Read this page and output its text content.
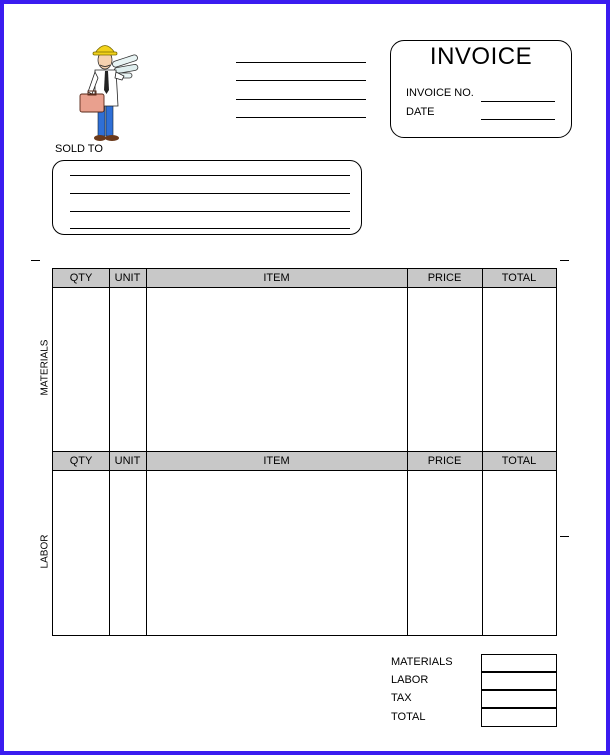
INVOICE
INVOICE NO.
DATE
SOLD TO
QTY	UNIT	ITEM	PRICE	TOTAL
QTY	UNIT	ITEM	PRICE	TOTAL
MATERIALS
LABOR
MATERIALS
LABOR
TAX
TOTAL
